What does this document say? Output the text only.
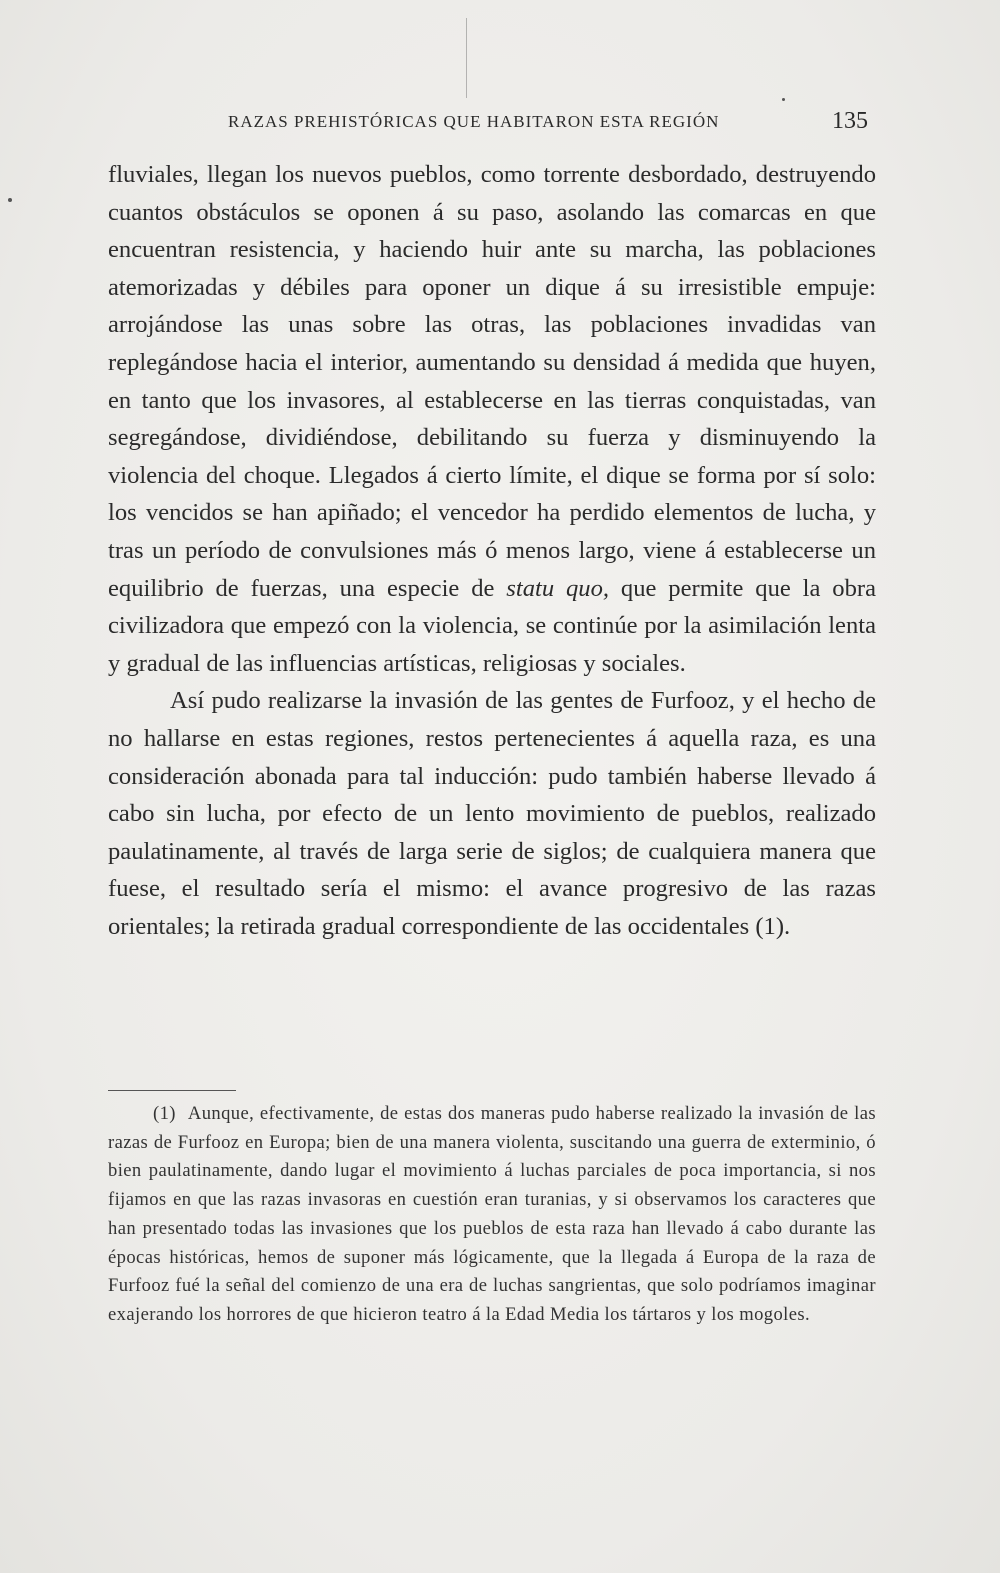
RAZAS PREHISTÓRICAS QUE HABITARON ESTA REGIÓN	135

fluviales, llegan los nuevos pueblos, como torrente desbordado, destruyendo cuantos obstáculos se oponen á su paso, asolando las comarcas en que encuentran resistencia, y haciendo huir ante su marcha, las poblaciones atemorizadas y débiles para oponer un dique á su irresistible empuje: arrojándose las unas sobre las otras, las poblaciones invadidas van replegándose hacia el interior, aumentando su densidad á medida que huyen, en tanto que los invasores, al establecerse en las tierras conquistadas, van segregándose, dividiéndose, debilitando su fuerza y disminuyendo la violencia del choque. Llegados á cierto límite, el dique se forma por sí solo: los vencidos se han apiñado; el vencedor ha perdido elementos de lucha, y tras un período de convulsiones más ó menos largo, viene á establecerse un equilibrio de fuerzas, una especie de statu quo, que permite que la obra civilizadora que empezó con la violencia, se continúe por la asimilación lenta y gradual de las influencias artísticas, religiosas y sociales.

Así pudo realizarse la invasión de las gentes de Furfooz, y el hecho de no hallarse en estas regiones, restos pertenecientes á aquella raza, es una consideración abonada para tal inducción: pudo también haberse llevado á cabo sin lucha, por efecto de un lento movimiento de pueblos, realizado paulatinamente, al través de larga serie de siglos; de cualquiera manera que fuese, el resultado sería el mismo: el avance progresivo de las razas orientales; la retirada gradual correspondiente de las occidentales (1).

(1) Aunque, efectivamente, de estas dos maneras pudo haberse realizado la invasión de las razas de Furfooz en Europa; bien de una manera violenta, suscitando una guerra de exterminio, ó bien paulatinamente, dando lugar el movimiento á luchas parciales de poca importancia, si nos fijamos en que las razas invasoras en cuestión eran turanias, y si observamos los caracteres que han presentado todas las invasiones que los pueblos de esta raza han llevado á cabo durante las épocas históricas, hemos de suponer más lógicamente, que la llegada á Europa de la raza de Furfooz fué la señal del comienzo de una era de luchas sangrientas, que solo podríamos imaginar exajerando los horrores de que hicieron teatro á la Edad Media los tártaros y los mogoles.
